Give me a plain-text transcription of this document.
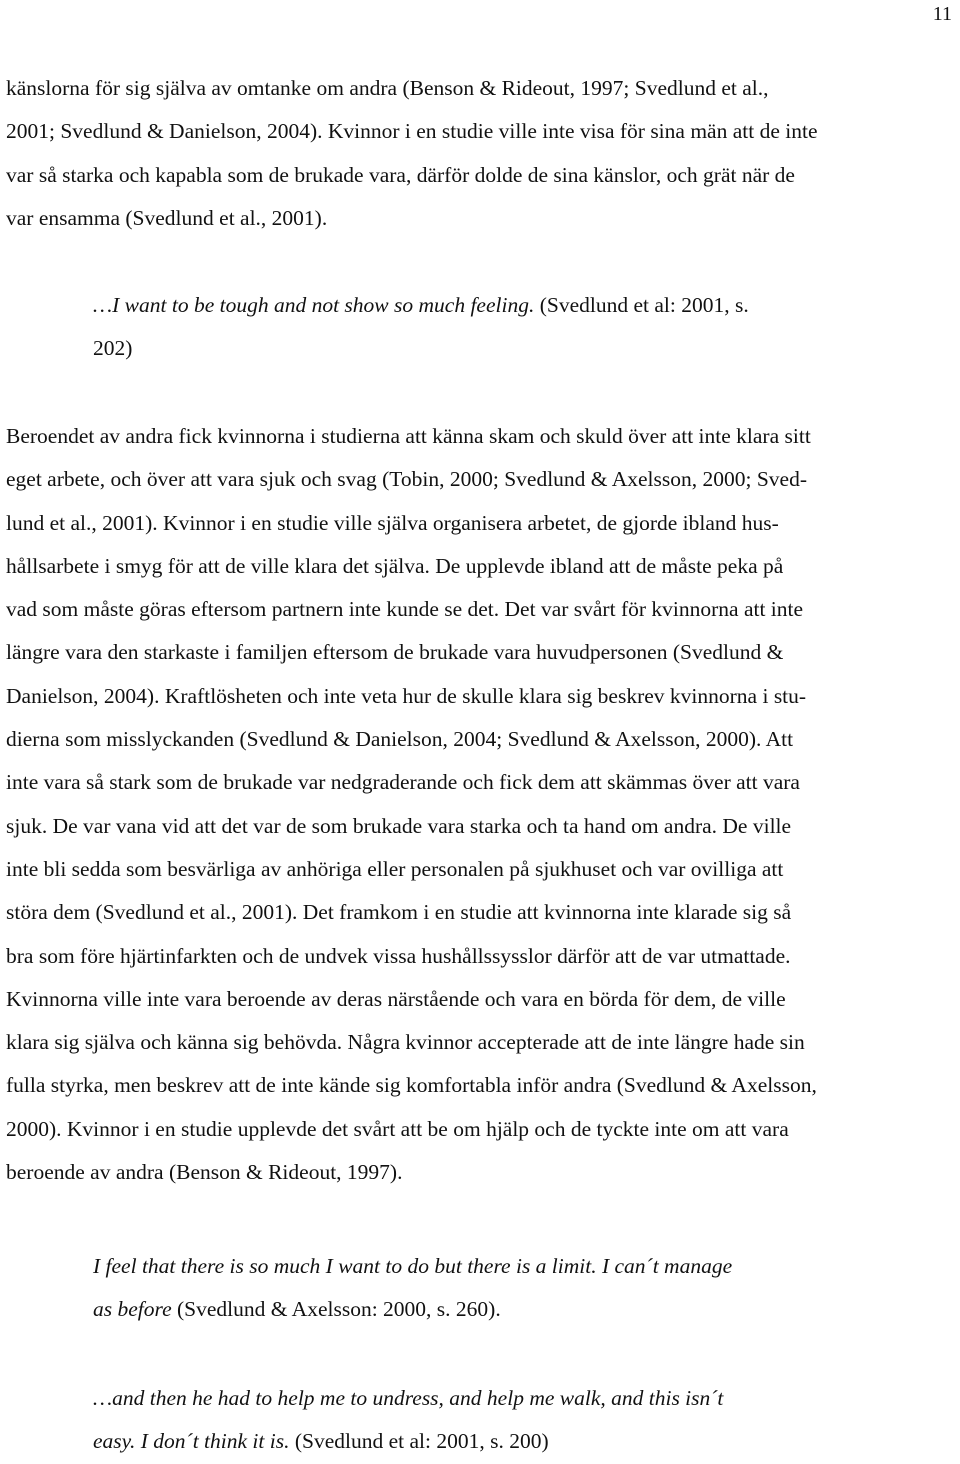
11
känslorna för sig själva av omtanke om andra (Benson & Rideout, 1997; Svedlund et al.,
2001; Svedlund & Danielson, 2004). Kvinnor i en studie ville inte visa för sina män att de inte
var så starka och kapabla som de brukade vara, därför dolde de sina känslor, och grät när de
var ensamma (Svedlund et al., 2001).
…I want to be tough and not show so much feeling. (Svedlund et al: 2001, s.
202)
Beroendet av andra fick kvinnorna i studierna att känna skam och skuld över att inte klara sitt
eget arbete, och över att vara sjuk och svag (Tobin, 2000; Svedlund & Axelsson, 2000; Sved-
lund et al., 2001). Kvinnor i en studie ville själva organisera arbetet, de gjorde ibland hus-
hållsarbete i smyg för att de ville klara det själva. De upplevde ibland att de måste peka på
vad som måste göras eftersom partnern inte kunde se det. Det var svårt för kvinnorna att inte
längre vara den starkaste i familjen eftersom de brukade vara huvudpersonen (Svedlund &
Danielson, 2004). Kraftlösheten och inte veta hur de skulle klara sig beskrev kvinnorna i stu-
dierna som misslyckanden (Svedlund & Danielson, 2004; Svedlund & Axelsson, 2000). Att
inte vara så stark som de brukade var nedgraderande och fick dem att skämmas över att vara
sjuk. De var vana vid att det var de som brukade vara starka och ta hand om andra. De ville
inte bli sedda som besvärliga av anhöriga eller personalen på sjukhuset och var ovilliga att
störa dem (Svedlund et al., 2001). Det framkom i en studie att kvinnorna inte klarade sig så
bra som före hjärtinfarkten och de undvek vissa hushållssysslor därför att de var utmattade.
Kvinnorna ville inte vara beroende av deras närstående och vara en börda för dem, de ville
klara sig själva och känna sig behövda. Några kvinnor accepterade att de inte längre hade sin
fulla styrka, men beskrev att de inte kände sig komfortabla inför andra (Svedlund & Axelsson,
2000). Kvinnor i en studie upplevde det svårt att be om hjälp och de tyckte inte om att vara
beroende av andra (Benson & Rideout, 1997).
I feel that there is so much I want to do but there is a limit. I can´t manage
as before (Svedlund & Axelsson: 2000, s. 260).
…and then he had to help me to undress, and help me walk, and this isn´t
easy. I don´t think it is. (Svedlund et al: 2001, s. 200)
